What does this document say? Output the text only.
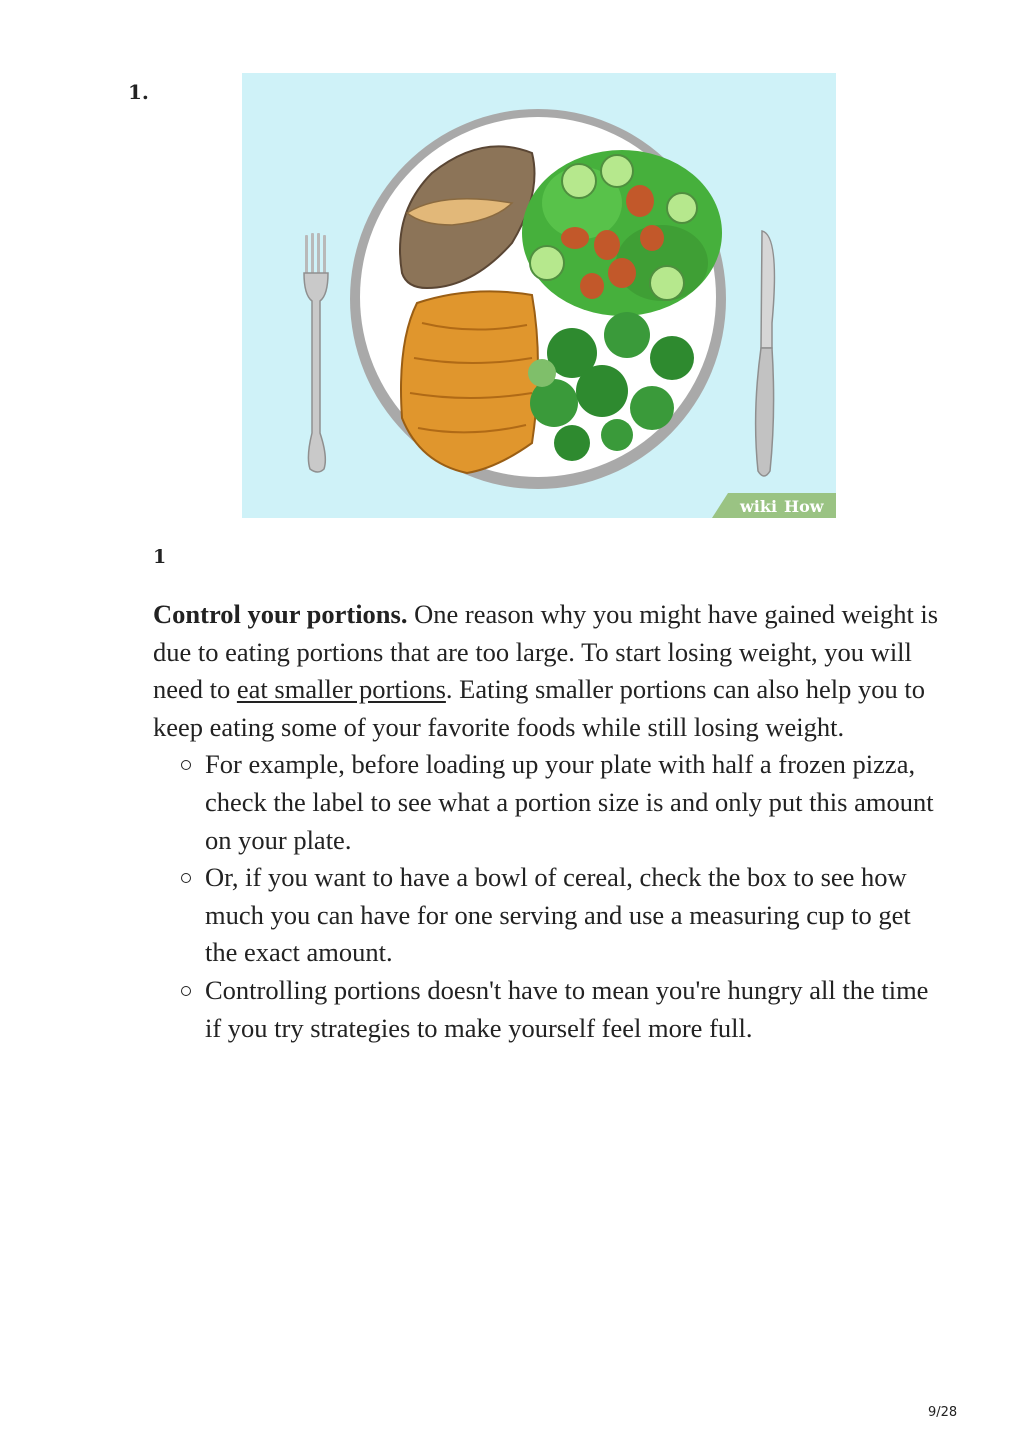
1.
wiki How
1

Control your portions. One reason why you might have gained weight is due to eating portions that are too large. To start losing weight, you will need to eat smaller portions. Eating smaller portions can also help you to keep eating some of your favorite foods while still losing weight.

For example, before loading up your plate with half a frozen pizza, check the label to see what a portion size is and only put this amount on your plate.
Or, if you want to have a bowl of cereal, check the box to see how much you can have for one serving and use a measuring cup to get the exact amount.
Controlling portions doesn't have to mean you're hungry all the time if you try strategies to make yourself feel more full.
9/28
